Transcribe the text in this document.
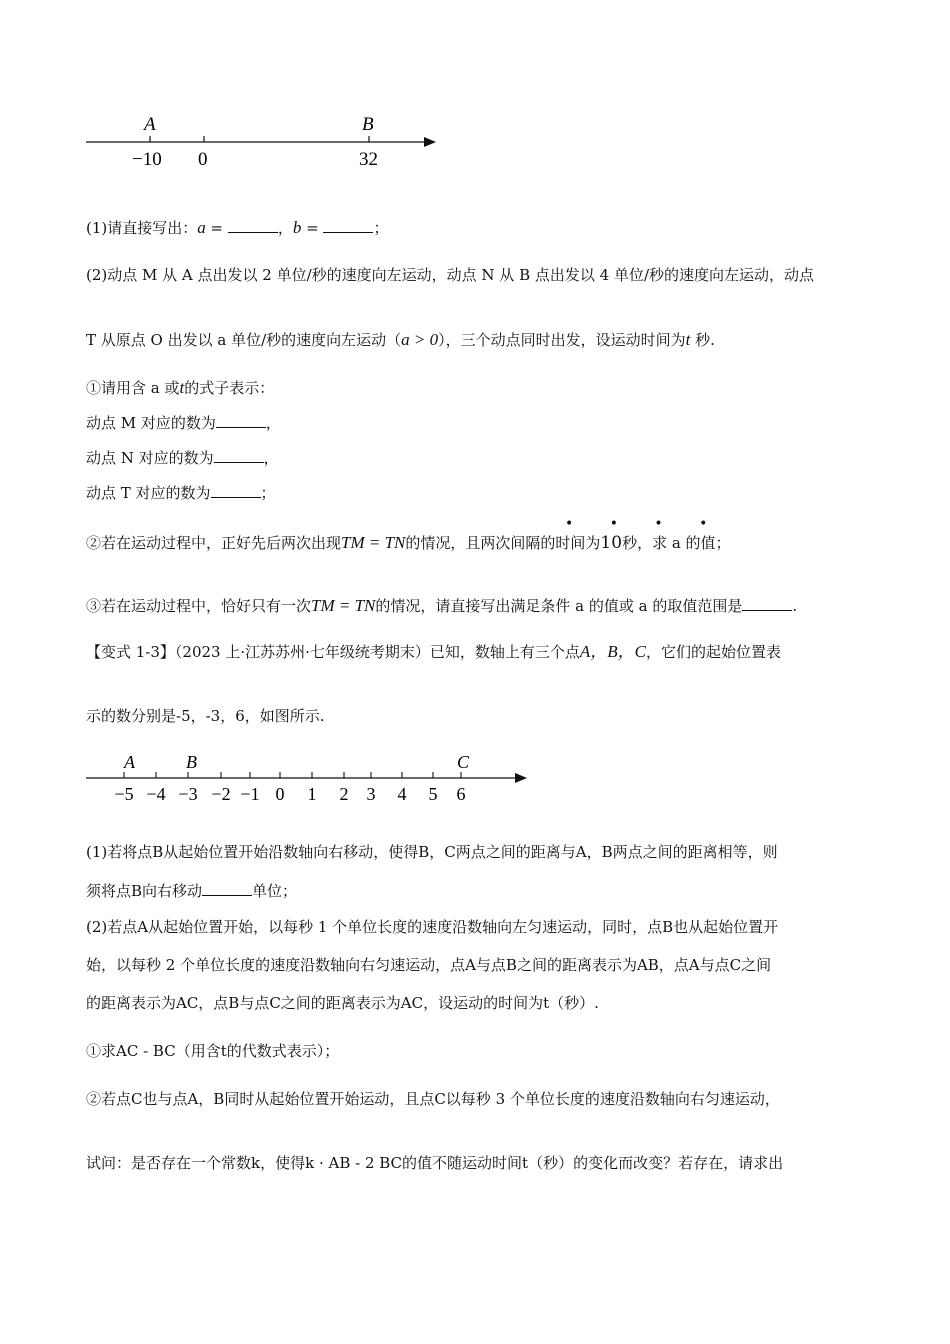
A	B
−10 0	32
(1)请直接写出：a =	，b =	；
(2)动点 M 从 A 点出发以 2 单位/秒的速度向左运动，动点 N 从 B 点出发以 4 单位/秒的速度向左运动，动点
T 从原点 O 出发以 a 单位/秒的速度向左运动（a > 0），三个动点同时出发，设运动时间为t 秒.
①请用含 a 或t的式子表示：
动点 M 对应的数为	，
动点 N 对应的数为	，
动点 T 对应的数为	；
• • • •
②若在运动过程中，正好先后两次出现TM = TN的情况，且两次间隔的时间为10秒，求 a 的值；
③若在运动过程中，恰好只有一次TM = TN的情况，请直接写出满足条件 a 的值或 a 的取值范围是	.
【变式 1-3】（2023 上·江苏苏州·七年级统考期末）已知，数轴上有三个点A，B，C，它们的起始位置表
示的数分别是-5，-3，6，如图所示.
A	B	C
−5 −4 −3 −2 −1 0 1 2 3 4 5 6
(1)若将点B从起始位置开始沿数轴向右移动，使得B，C两点之间的距离与A，B两点之间的距离相等，则
须将点B向右移动	单位；
(2)若点A从起始位置开始，以每秒 1 个单位长度的速度沿数轴向左匀速运动，同时，点B也从起始位置开
始，以每秒 2 个单位长度的速度沿数轴向右匀速运动，点A与点B之间的距离表示为AB，点A与点C之间
的距离表示为AC，点B与点C之间的距离表示为AC，设运动的时间为t（秒）.
①求AC - BC（用含t的代数式表示）；
②若点C也与点A，B同时从起始位置开始运动，且点C以每秒 3 个单位长度的速度沿数轴向右匀速运动，
试问：是否存在一个常数k，使得k · AB - 2 BC的值不随运动时间t（秒）的变化而改变？若存在，请求出
